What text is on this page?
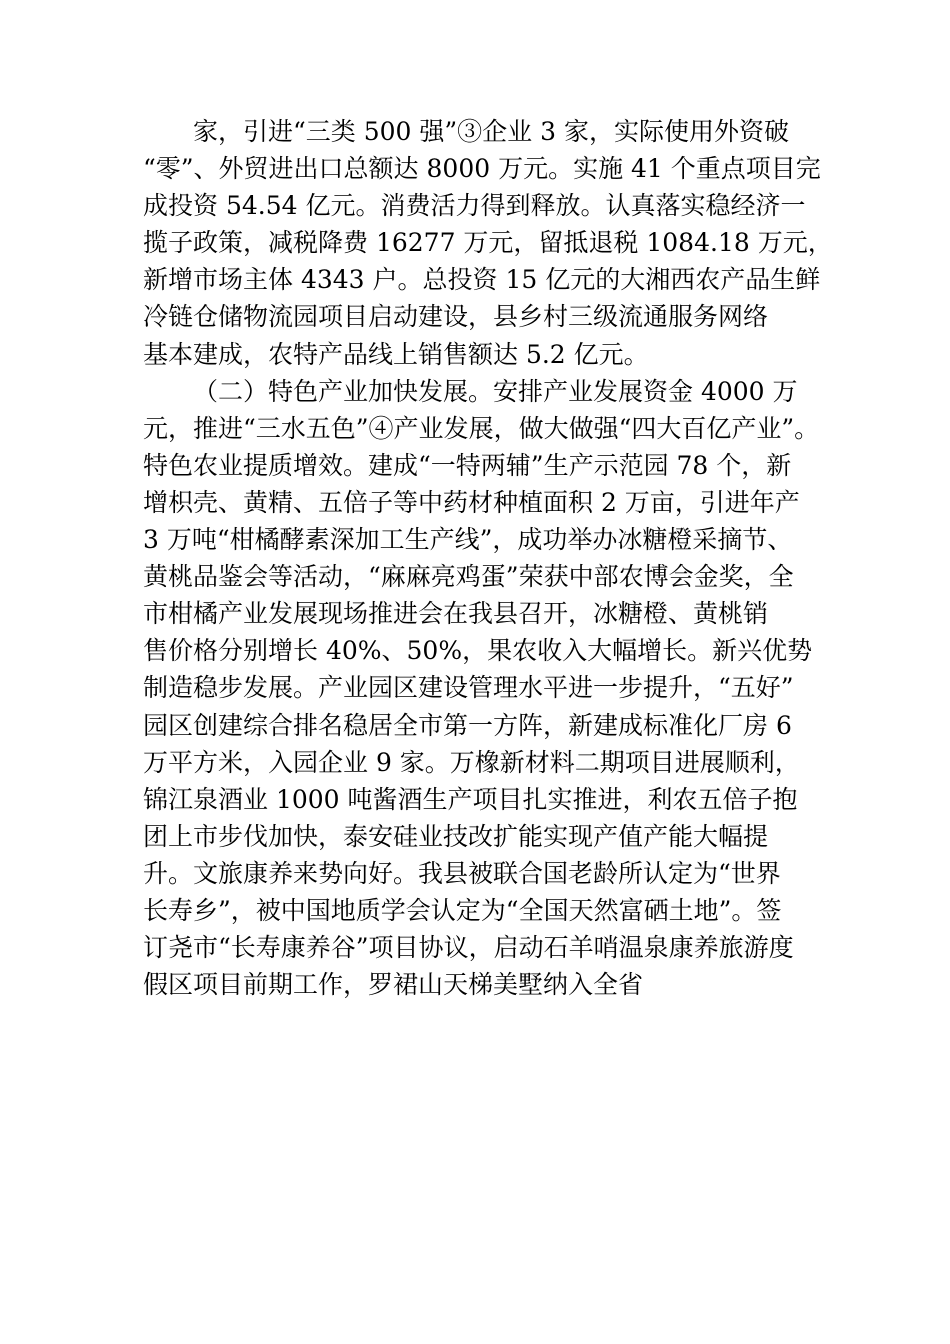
家，引进“三类 500 强”③企业 3 家，实际使用外资破
“零”、外贸进出口总额达 8000 万元。实施 41 个重点项目完
成投资 54.54 亿元。消费活力得到释放。认真落实稳经济一
揽子政策，减税降费 16277 万元，留抵退税 1084.18 万元，
新增市场主体 4343 户。总投资 15 亿元的大湘西农产品生鲜
冷链仓储物流园项目启动建设，县乡村三级流通服务网络
基本建成，农特产品线上销售额达 5.2 亿元。
（二）特色产业加快发展。安排产业发展资金 4000 万
元，推进“三水五色”④产业发展，做大做强“四大百亿产业”。
特色农业提质增效。建成“一特两辅”生产示范园 78 个，新
增枳壳、黄精、五倍子等中药材种植面积 2 万亩，引进年产
3 万吨“柑橘酵素深加工生产线”，成功举办冰糖橙采摘节、
黄桃品鉴会等活动，“麻麻亮鸡蛋”荣获中部农博会金奖，全
市柑橘产业发展现场推进会在我县召开，冰糖橙、黄桃销
售价格分别增长 40%、50%，果农收入大幅增长。新兴优势
制造稳步发展。产业园区建设管理水平进一步提升，“五好”
园区创建综合排名稳居全市第一方阵，新建成标准化厂房 6
万平方米，入园企业 9 家。万橡新材料二期项目进展顺利，
锦江泉酒业 1000 吨酱酒生产项目扎实推进，利农五倍子抱
团上市步伐加快，泰安硅业技改扩能实现产值产能大幅提
升。文旅康养来势向好。我县被联合国老龄所认定为“世界
长寿乡”，被中国地质学会认定为“全国天然富硒土地”。签
订尧市“长寿康养谷”项目协议，启动石羊哨温泉康养旅游度
假区项目前期工作，罗裙山天梯美墅纳入全省
